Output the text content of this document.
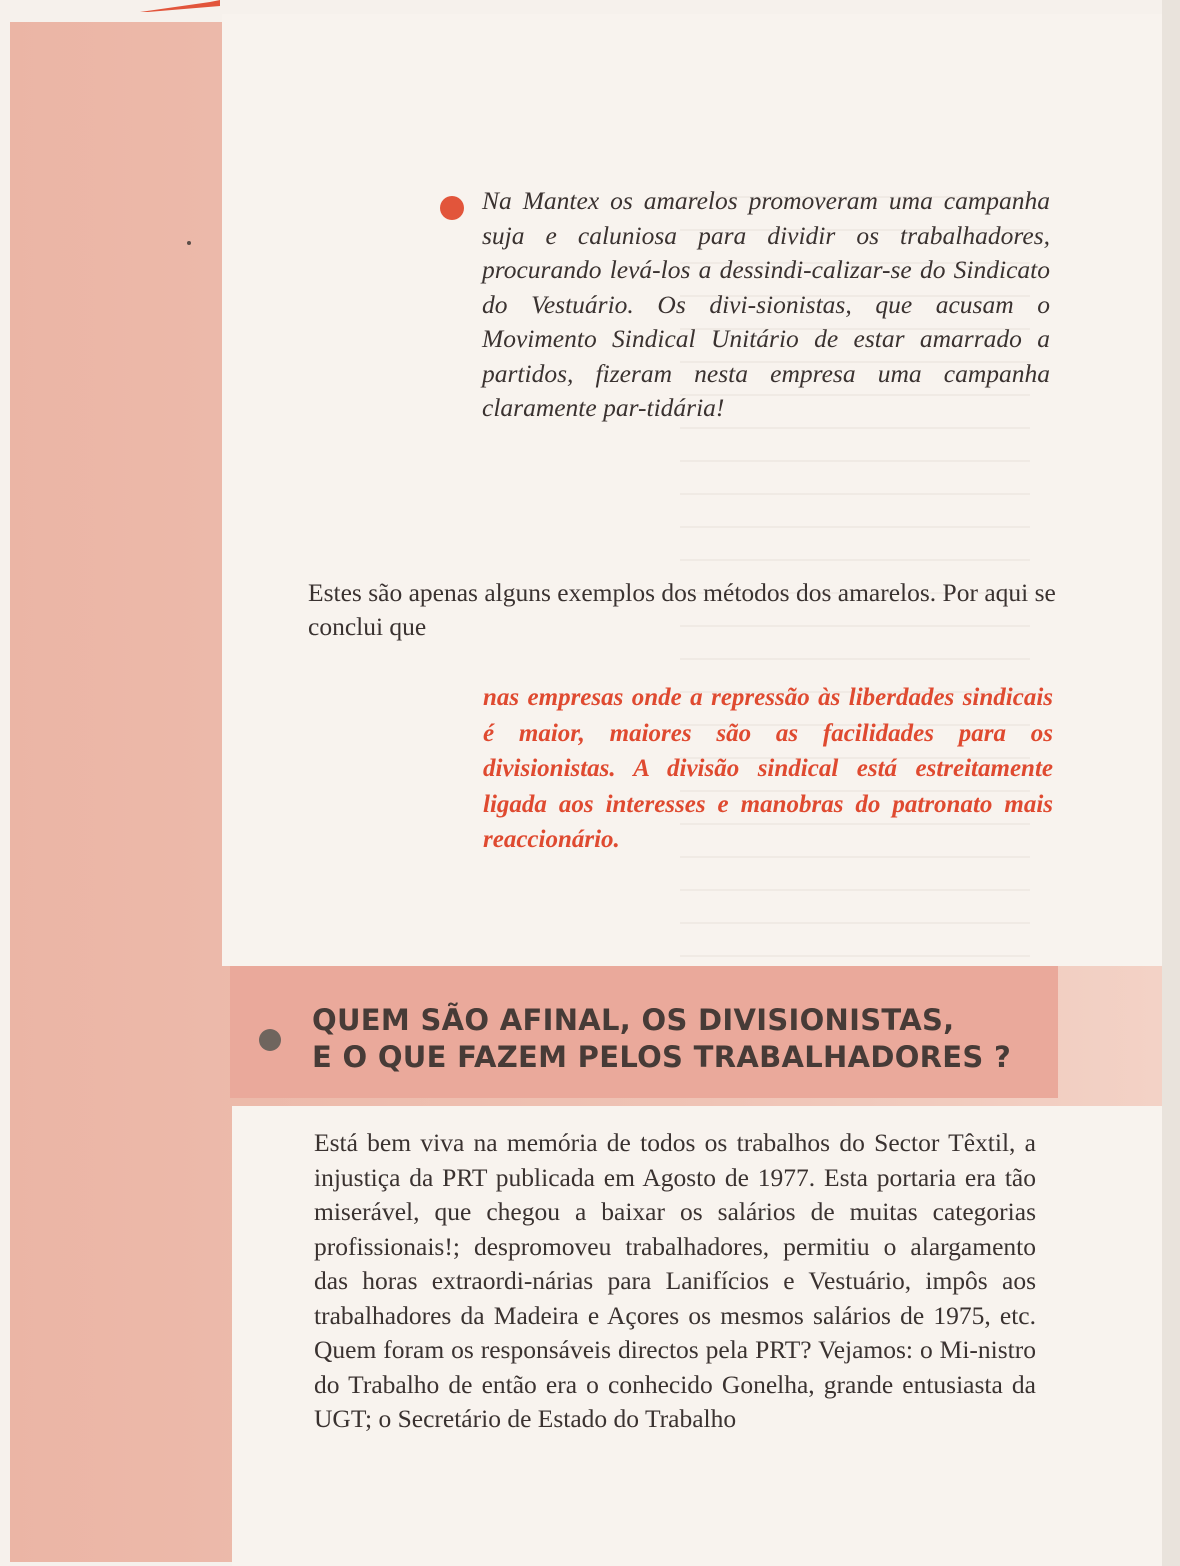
Na Mantex os amarelos promoveram uma campanha suja e caluniosa para dividir os trabalhadores, procurando levá-los a dessindi-calizar-se do Sindicato do Vestuário. Os divi-sionistas, que acusam o Movimento Sindical Unitário de estar amarrado a partidos, fizeram nesta empresa uma campanha claramente par-tidária!

Estes são apenas alguns exemplos dos métodos dos amarelos. Por aqui se conclui que

nas empresas onde a repressão às liberdades sindicais é maior, maiores são as facilidades para os divisionistas. A divisão sindical está estreitamente ligada aos interesses e manobras do patronato mais reaccionário.

QUEM SÃO AFINAL, OS DIVISIONISTAS,
E O QUE FAZEM PELOS TRABALHADORES ?

Está bem viva na memória de todos os trabalhos do Sector Têxtil, a injustiça da PRT publicada em Agosto de 1977. Esta portaria era tão miserável, que chegou a baixar os salários de muitas categorias profissionais!; despromoveu trabalhadores, permitiu o alargamento das horas extraordi-nárias para Lanifícios e Vestuário, impôs aos trabalhadores da Madeira e Açores os mesmos salários de 1975, etc. Quem foram os responsáveis directos pela PRT? Vejamos: o Mi-nistro do Trabalho de então era o conhecido Gonelha, grande entusiasta da UGT; o Secretário de Estado do Trabalho
